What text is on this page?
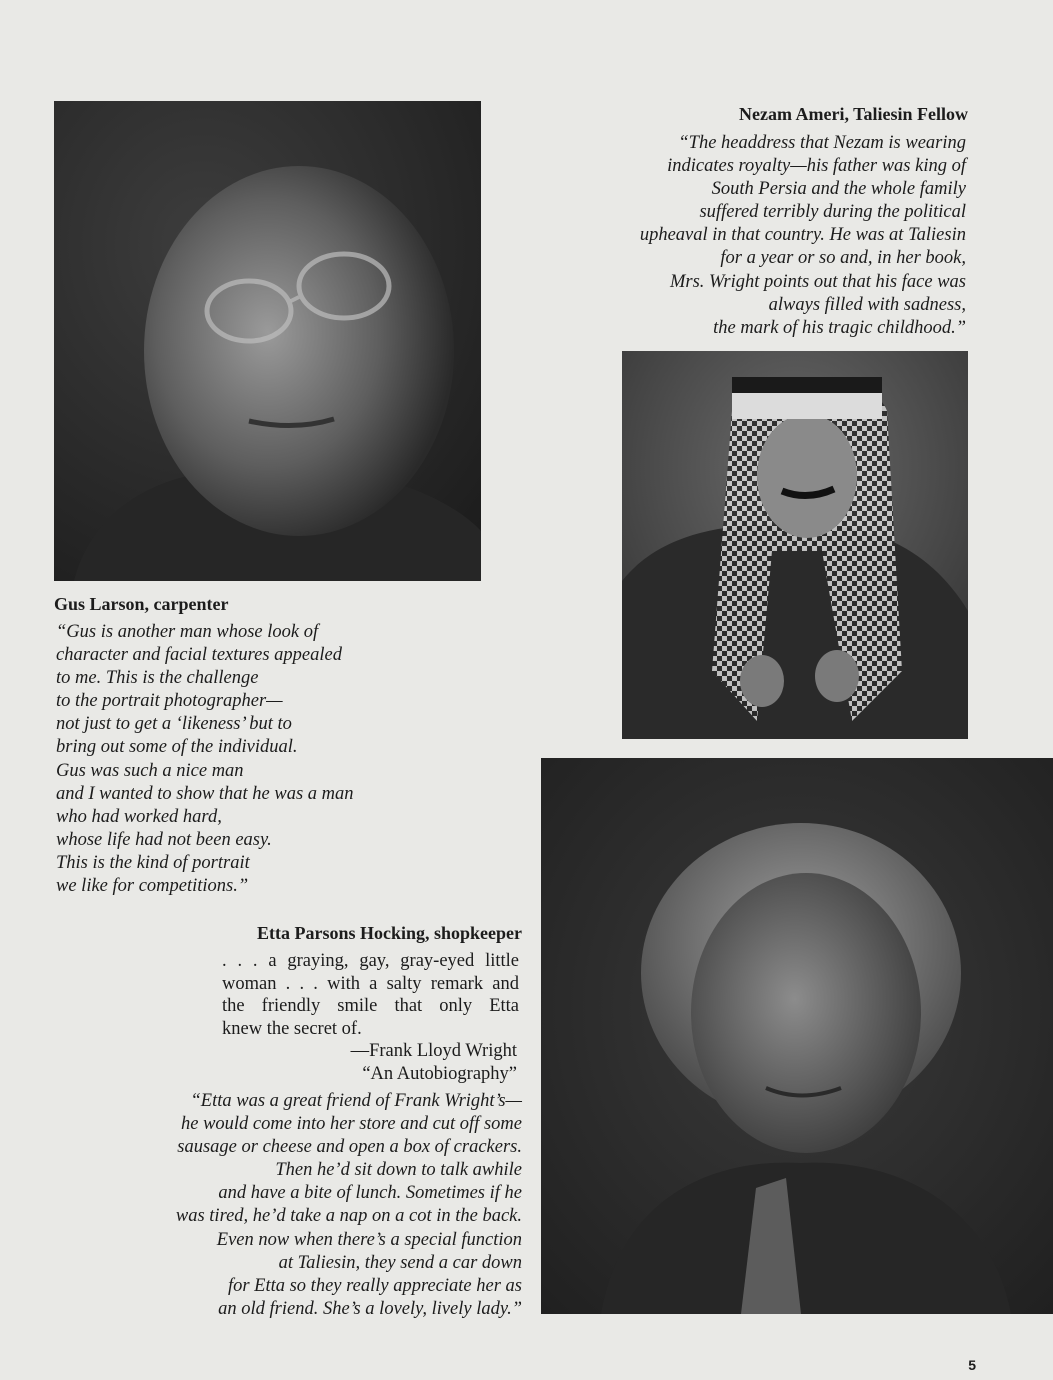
Nezam Ameri, Taliesin Fellow
“The headdress that Nezam is wearing
indicates royalty—his father was king of
South Persia and the whole family
suffered terribly during the political
upheaval in that country. He was at Taliesin
for a year or so and, in her book,
Mrs. Wright points out that his face was
always filled with sadness,
the mark of his tragic childhood.”
Gus Larson, carpenter
“Gus is another man whose look of
character and facial textures appealed
to me. This is the challenge
to the portrait photographer—
not just to get a ‘likeness’ but to
bring out some of the individual.
Gus was such a nice man
and I wanted to show that he was a man
who had worked hard,
whose life had not been easy.
This is the kind of portrait
we like for competitions.”
Etta Parsons Hocking, shopkeeper
. . . a graying, gay, gray-eyed little
woman . . . with a salty remark and
the friendly smile that only Etta
knew the secret of.
—Frank Lloyd Wright
“An Autobiography”
“Etta was a great friend of Frank Wright’s—
he would come into her store and cut off some
sausage or cheese and open a box of crackers.
Then he’d sit down to talk awhile
and have a bite of lunch. Sometimes if he
was tired, he’d take a nap on a cot in the back.
Even now when there’s a special function
at Taliesin, they send a car down
for Etta so they really appreciate her as
an old friend. She’s a lovely, lively lady.”
5
